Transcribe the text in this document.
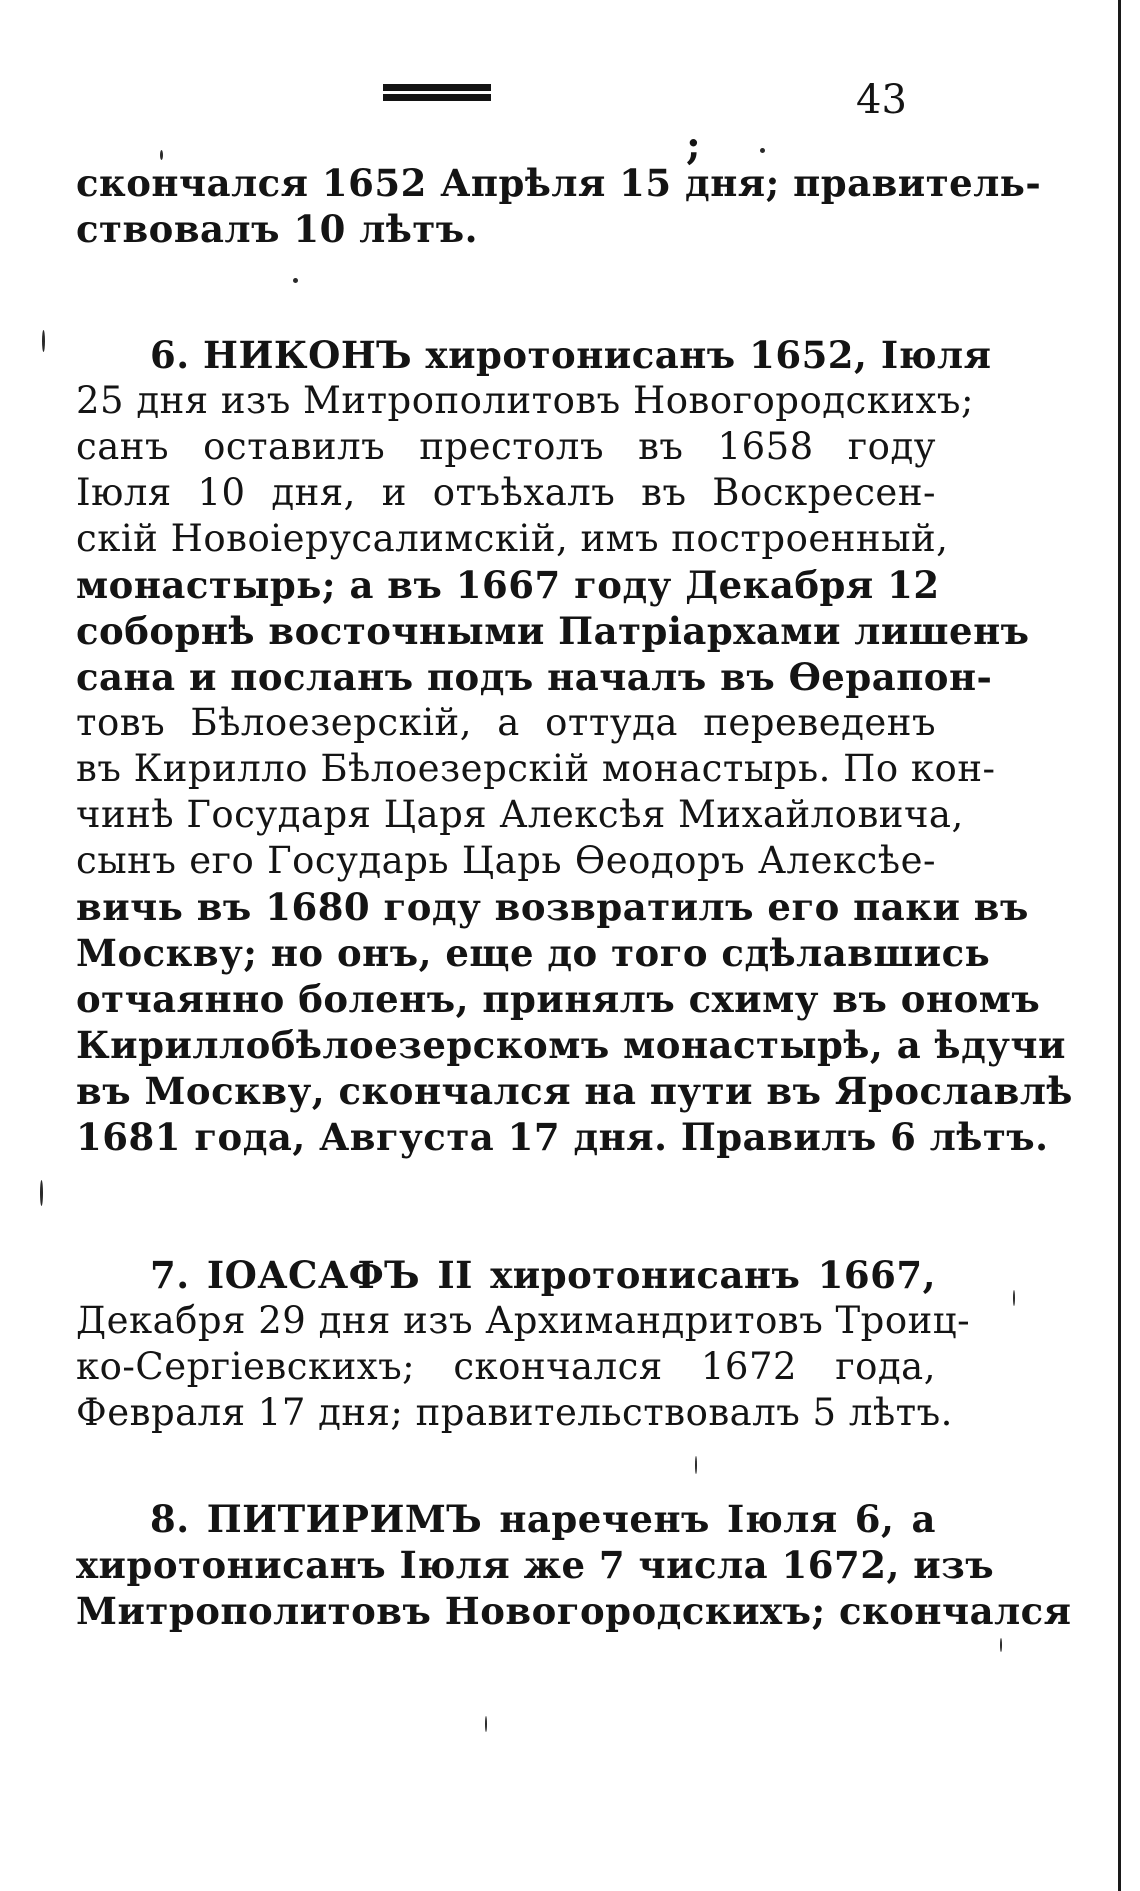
43
;
скончался 1652 Апрѣля 15 дня; правитель-
ствовалъ 10 лѣтъ.
6. НИКОНЪ хиротонисанъ 1652, Іюля
25 дня изъ Митрополитовъ Новогородскихъ;
санъ оставилъ престолъ въ 1658 году
Іюля 10 дня, и отъѣхалъ въ Воскресен-
скій Новоіерусалимскій, имъ построенный,
монастырь; а въ 1667 году Декабря 12
соборнѣ восточными Патріархами лишенъ
сана и посланъ подъ началъ въ Ѳерапон-
товъ Бѣлоезерскій, а оттуда переведенъ
въ Кирилло Бѣлоезерскій монастырь. По кон-
чинѣ Государя Царя Алексѣя Михайловича,
сынъ его Государь Царь Ѳеодоръ Алексѣе-
вичь въ 1680 году возвратилъ его паки въ
Москву; но онъ, еще до того сдѣлавшись
отчаянно боленъ, принялъ схиму въ ономъ
Кириллобѣлоезерскомъ монастырѣ, а ѣдучи
въ Москву, скончался на пути въ Ярославлѣ
1681 года, Августа 17 дня. Правилъ 6 лѣтъ.
7. ІОАСАФЪ II хиротонисанъ 1667,
Декабря 29 дня изъ Архимандритовъ Троиц-
ко-Сергіевскихъ; скончался 1672 года,
Февраля 17 дня; правительствовалъ 5 лѣтъ.
8. ПИТИРИМЪ нареченъ Іюля 6, а
хиротонисанъ Іюля же 7 числа 1672, изъ
Митрополитовъ Новогородскихъ; скончался
